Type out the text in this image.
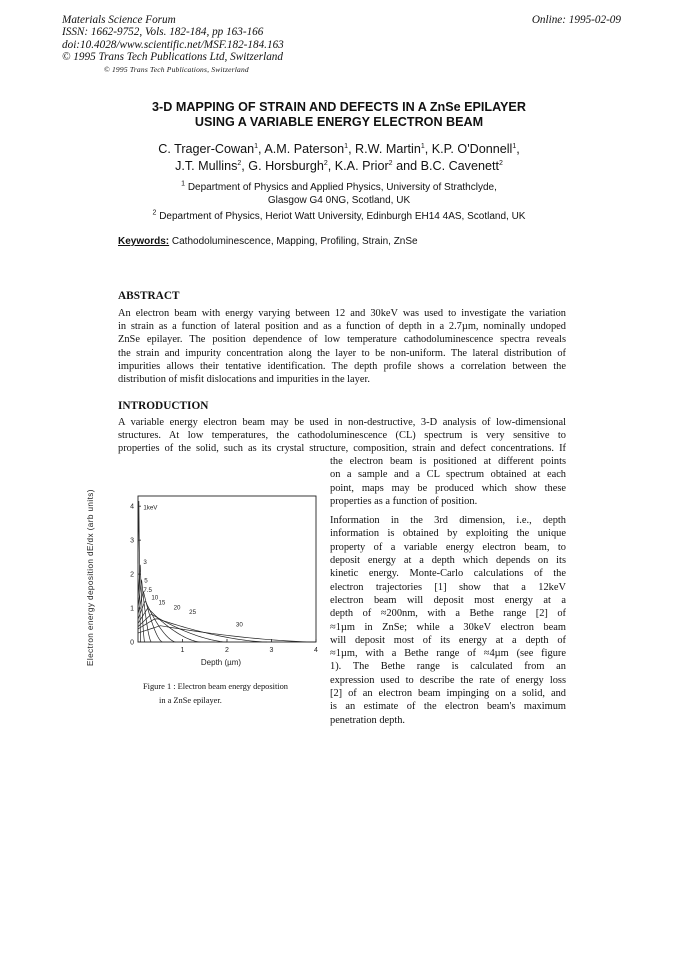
Materials Science Forum
ISSN: 1662-9752, Vols. 182-184, pp 163-166
doi:10.4028/www.scientific.net/MSF.182-184.163
© 1995 Trans Tech Publications Ltd, Switzerland
Online: 1995-02-09
© 1995 Trans Tech Publications, Switzerland
3-D MAPPING OF STRAIN AND DEFECTS IN A ZnSe EPILAYER
USING A VARIABLE ENERGY ELECTRON BEAM
C. Trager-Cowan$^1$, A.M. Paterson$^1$, R.W. Martin$^1$, K.P. O'Donnell$^1$,
J.T. Mullins$^2$, G. Horsburgh$^2$, K.A. Prior$^2$ and B.C. Cavenett$^2$
$^1$ Department of Physics and Applied Physics, University of Strathclyde,
Glasgow G4 0NG, Scotland, UK
$^2$ Department of Physics, Heriot Watt University, Edinburgh EH14 4AS, Scotland, UK
Keywords: Cathodoluminescence, Mapping, Profiling, Strain, ZnSe
ABSTRACT
An electron beam with energy varying between 12 and 30keV was used to investigate the variation
in strain as a function of lateral position and as a function of depth in a 2.7µm, nominally undoped
ZnSe epilayer. The position dependence of low temperature cathodoluminescence spectra reveals
the strain and impurity concentration along the layer to be non-uniform. The lateral distribution of
impurities allows their tentative identification. The depth profile shows a correlation between the
distribution of misfit dislocations and impurities in the layer.
INTRODUCTION
A variable energy electron beam may be used in non-destructive, 3-D analysis of low-dimensional
structures. At low temperatures, the cathodoluminescence (CL) spectrum is very sensitive to
properties of the solid, such as its crystal structure, composition, strain and defect concentrations. If
the electron beam is positioned at different points
on a sample and a CL spectrum obtained at each
point, maps may be produced which show these
properties as a function of position.
Information in the 3rd dimension, i.e., depth
information is obtained by exploiting the unique
property of a variable energy electron beam, to
deposit energy at a depth which depends on its
kinetic energy. Monte-Carlo calculations of the
electron trajectories [1] show that a 12keV
electron beam will deposit most energy at a
depth of ≈200nm, with a Bethe range [2] of
≈1µm in ZnSe; while a 30keV electron beam
will deposit most of its energy at a depth of
≈1µm, with a Bethe range of ≈4µm (see figure
1). The Bethe range is calculated from an
expression used to describe the rate of energy loss
[2] of an electron beam impinging on a solid, and
is an estimate of the electron beam's maximum
penetration depth.
Electron energy deposition dE/dx (arb units)	Depth (µm)
0
1
2
3
4
1	2	3	4
1keV
3
5
7.5
10
15
20
25
30
Figure 1 : Electron beam energy deposition
in a ZnSe epilayer.
